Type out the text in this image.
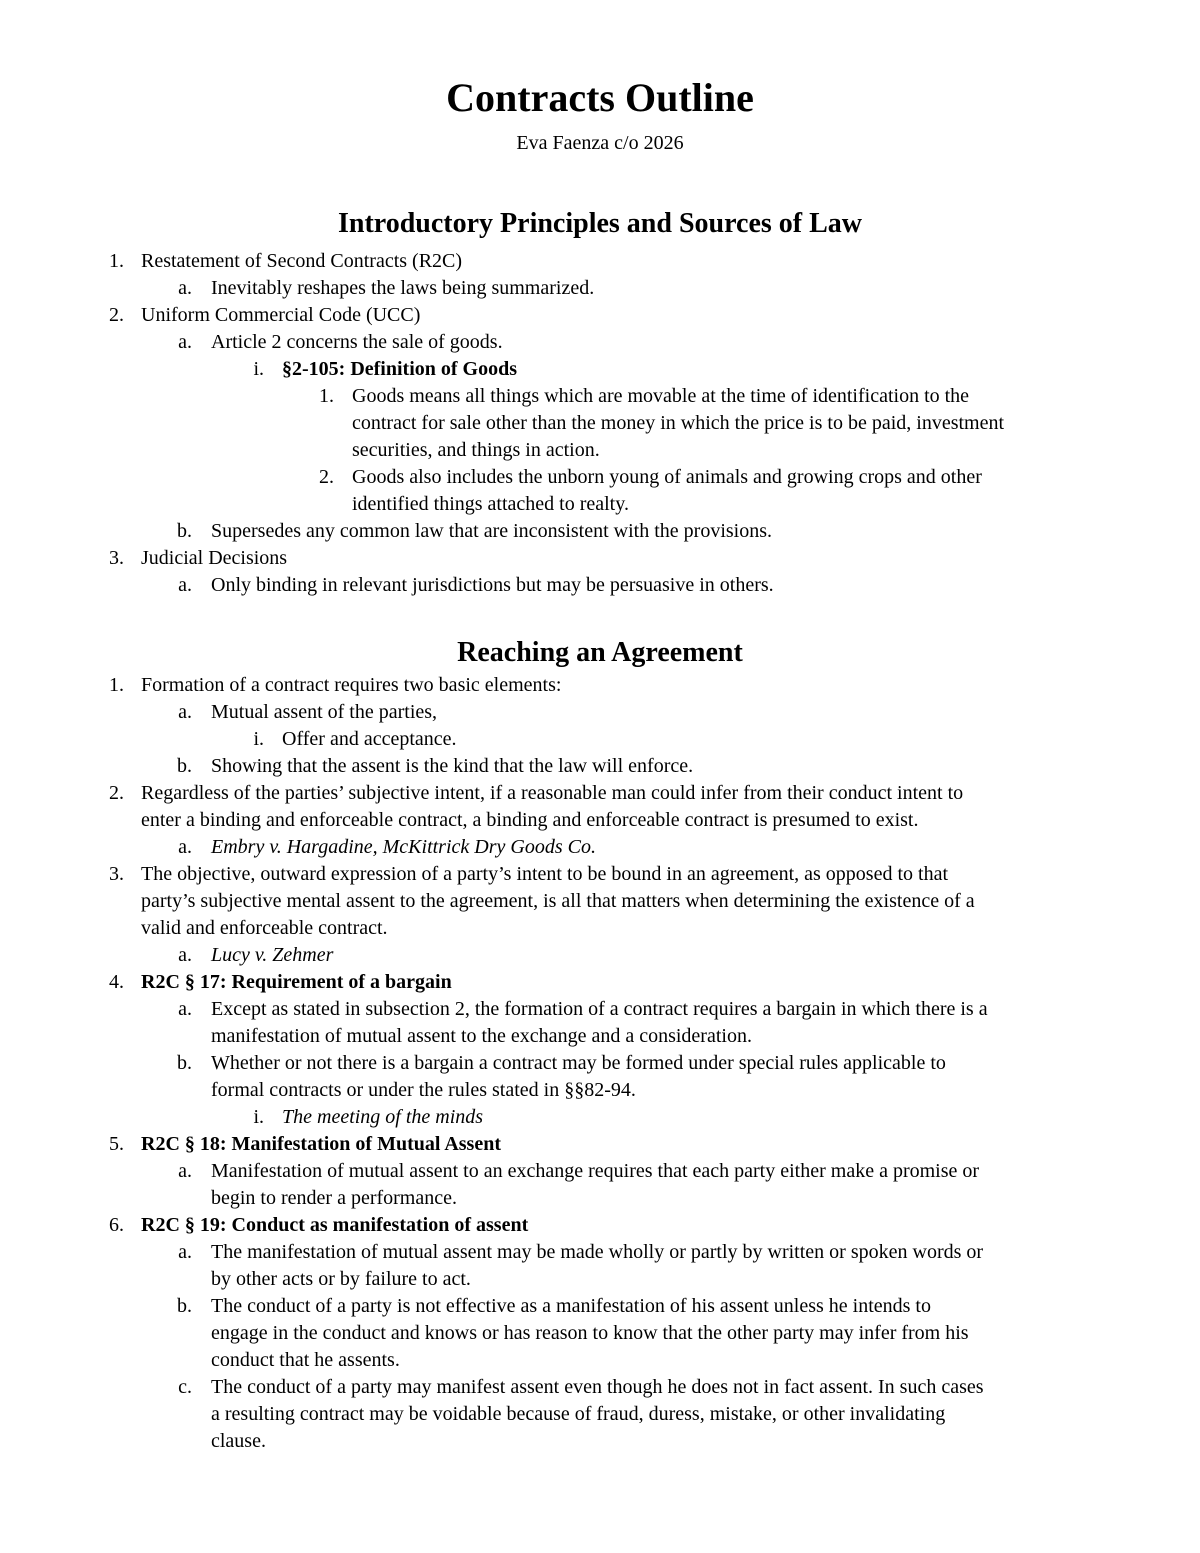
Contracts Outline
Eva Faenza c/o 2026
Introductory Principles and Sources of Law
1. Restatement of Second Contracts (R2C)
a. Inevitably reshapes the laws being summarized.
2. Uniform Commercial Code (UCC)
a. Article 2 concerns the sale of goods.
i. §2-105: Definition of Goods
1. Goods means all things which are movable at the time of identification to the
contract for sale other than the money in which the price is to be paid, investment
securities, and things in action.
2. Goods also includes the unborn young of animals and growing crops and other
identified things attached to realty.
b. Supersedes any common law that are inconsistent with the provisions.
3. Judicial Decisions
a. Only binding in relevant jurisdictions but may be persuasive in others.
Reaching an Agreement
1. Formation of a contract requires two basic elements:
a. Mutual assent of the parties,
i. Offer and acceptance.
b. Showing that the assent is the kind that the law will enforce.
2. Regardless of the parties’ subjective intent, if a reasonable man could infer from their conduct intent to
enter a binding and enforceable contract, a binding and enforceable contract is presumed to exist.
a. Embry v. Hargadine, McKittrick Dry Goods Co.
3. The objective, outward expression of a party’s intent to be bound in an agreement, as opposed to that
party’s subjective mental assent to the agreement, is all that matters when determining the existence of a
valid and enforceable contract.
a. Lucy v. Zehmer
4. R2C § 17: Requirement of a bargain
a. Except as stated in subsection 2, the formation of a contract requires a bargain in which there is a
manifestation of mutual assent to the exchange and a consideration.
b. Whether or not there is a bargain a contract may be formed under special rules applicable to
formal contracts or under the rules stated in §§82-94.
i. The meeting of the minds
5. R2C § 18: Manifestation of Mutual Assent
a. Manifestation of mutual assent to an exchange requires that each party either make a promise or
begin to render a performance.
6. R2C § 19: Conduct as manifestation of assent
a. The manifestation of mutual assent may be made wholly or partly by written or spoken words or
by other acts or by failure to act.
b. The conduct of a party is not effective as a manifestation of his assent unless he intends to
engage in the conduct and knows or has reason to know that the other party may infer from his
conduct that he assents.
c. The conduct of a party may manifest assent even though he does not in fact assent. In such cases
a resulting contract may be voidable because of fraud, duress, mistake, or other invalidating
clause.
